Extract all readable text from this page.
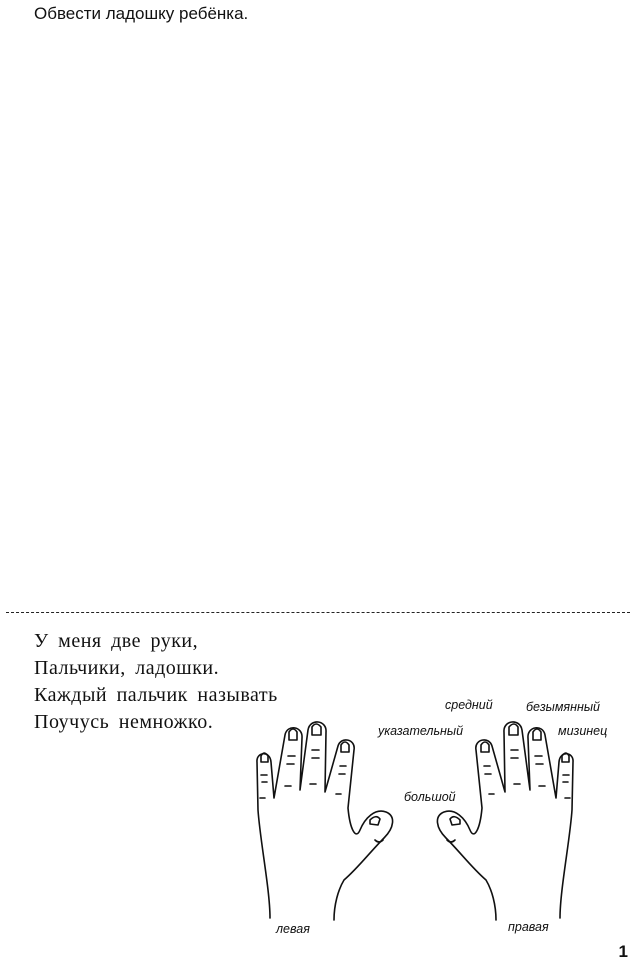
Обвести ладошку ребёнка.
У меня две руки,
Пальчики, ладошки.
Каждый пальчик называть
Поучусь немножко.
средний	безымянный
указательный	мизинец
большой
левая	правая
1
